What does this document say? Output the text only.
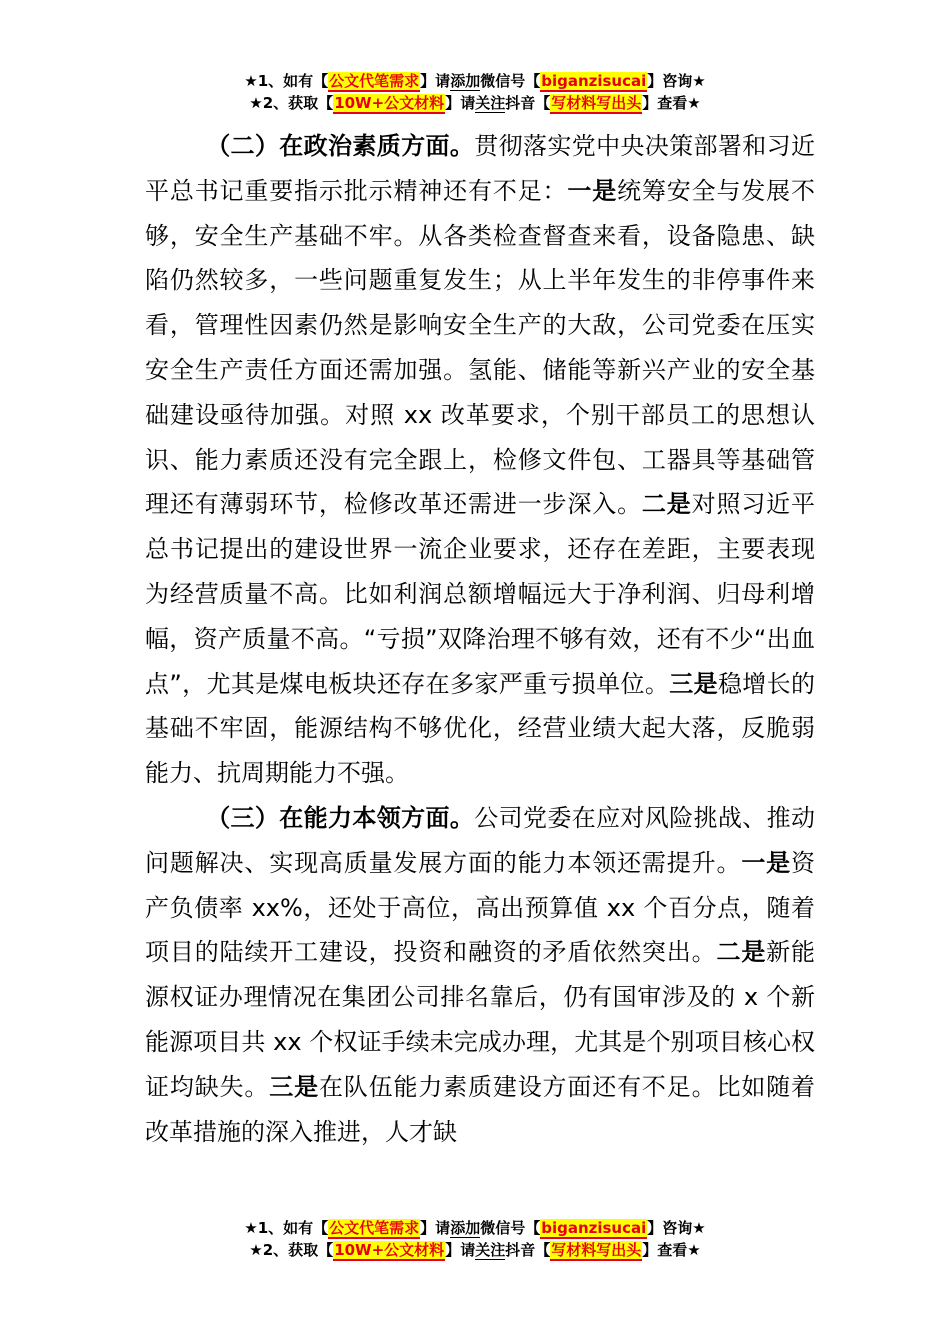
★1、如有【公文代笔需求】请添加微信号【biganzisucai】咨询★
★2、获取【10W+公文材料】请关注抖音【写材料写出头】查看★

（二）在政治素质方面。贯彻落实党中央决策部署和习近平总书记重要指示批示精神还有不足：一是统筹安全与发展不够，安全生产基础不牢。从各类检查督查来看，设备隐患、缺陷仍然较多，一些问题重复发生；从上半年发生的非停事件来看，管理性因素仍然是影响安全生产的大敌，公司党委在压实安全生产责任方面还需加强。氢能、储能等新兴产业的安全基础建设亟待加强。对照 xx 改革要求，个别干部员工的思想认识、能力素质还没有完全跟上，检修文件包、工器具等基础管理还有薄弱环节，检修改革还需进一步深入。二是对照习近平总书记提出的建设世界一流企业要求，还存在差距，主要表现为经营质量不高。比如利润总额增幅远大于净利润、归母利增幅，资产质量不高。“亏损”双降治理不够有效，还有不少“出血点”，尤其是煤电板块还存在多家严重亏损单位。三是稳增长的基础不牢固，能源结构不够优化，经营业绩大起大落，反脆弱能力、抗周期能力不强。

（三）在能力本领方面。公司党委在应对风险挑战、推动问题解决、实现高质量发展方面的能力本领还需提升。一是资产负债率 xx%，还处于高位，高出预算值 xx 个百分点，随着项目的陆续开工建设，投资和融资的矛盾依然突出。二是新能源权证办理情况在集团公司排名靠后，仍有国审涉及的 x 个新能源项目共 xx 个权证手续未完成办理，尤其是个别项目核心权证均缺失。三是在队伍能力素质建设方面还有不足。比如随着改革措施的深入推进，人才缺

★1、如有【公文代笔需求】请添加微信号【biganzisucai】咨询★
★2、获取【10W+公文材料】请关注抖音【写材料写出头】查看★
